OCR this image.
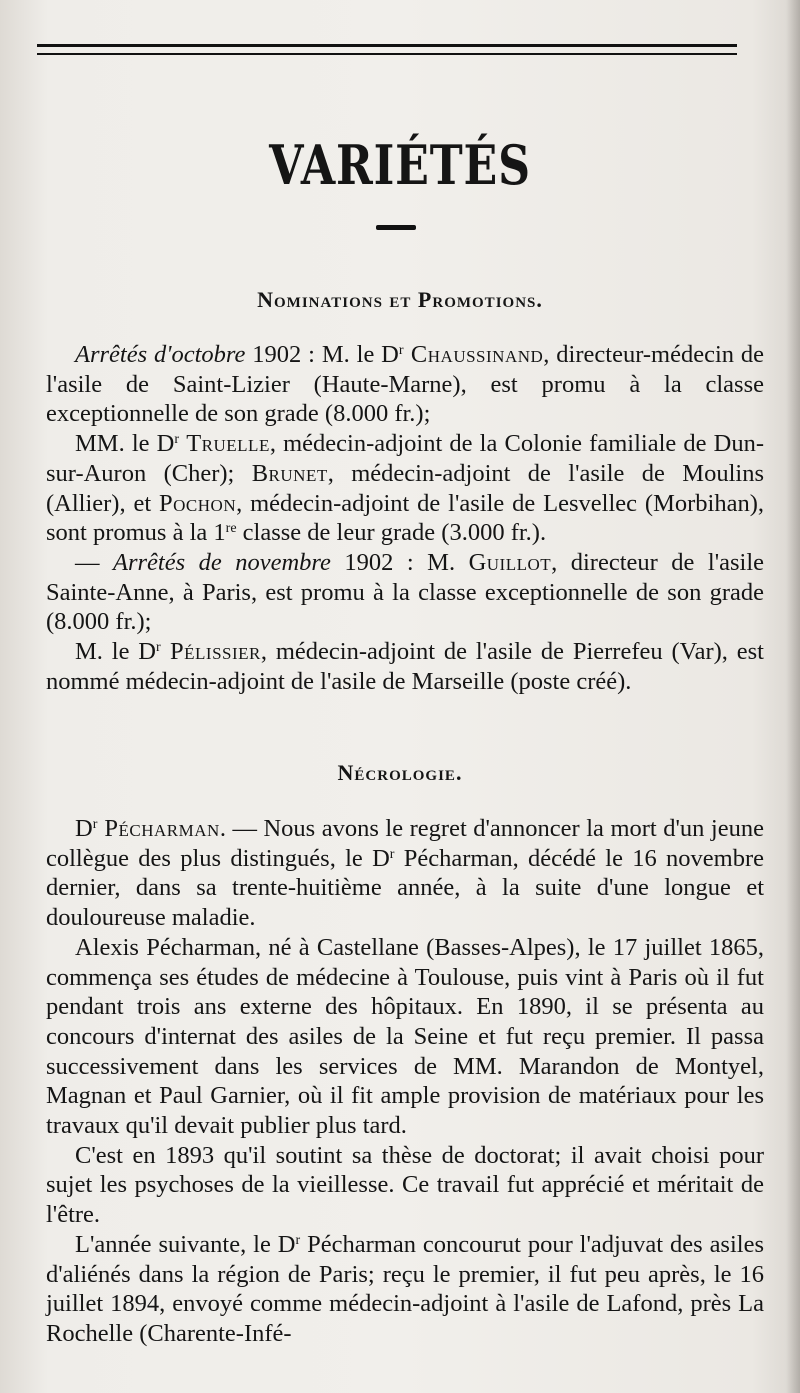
VARIÉTÉS
Nominations et Promotions.

Arrêtés d'octobre 1902 : M. le $D^r$ Chaussinand, directeur-médecin de l'asile de Saint-Lizier (Haute-Marne), est promu à la classe exceptionnelle de son grade (8.000 fr.);

MM. le $D^r$ Truelle, médecin-adjoint de la Colonie familiale de Dun-sur-Auron (Cher); Brunet, médecin-adjoint de l'asile de Moulins (Allier), et Pochon, médecin-adjoint de l'asile de Lesvellec (Morbihan), sont promus à la 1re classe de leur grade (3.000 fr.).

— Arrêtés de novembre 1902 : M. Guillot, directeur de l'asile Sainte-Anne, à Paris, est promu à la classe exceptionnelle de son grade (8.000 fr.);

M. le $D^r$ Pélissier, médecin-adjoint de l'asile de Pierrefeu (Var), est nommé médecin-adjoint de l'asile de Marseille (poste créé).

Nécrologie.

$D^r$ Pécharman. — Nous avons le regret d'annoncer la mort d'un jeune collègue des plus distingués, le $D^r$ Pécharman, décédé le 16 novembre dernier, dans sa trente-huitième année, à la suite d'une longue et douloureuse maladie.

Alexis Pécharman, né à Castellane (Basses-Alpes), le 17 juillet 1865, commença ses études de médecine à Toulouse, puis vint à Paris où il fut pendant trois ans externe des hôpitaux. En 1890, il se présenta au concours d'internat des asiles de la Seine et fut reçu premier. Il passa successivement dans les services de MM. Marandon de Montyel, Magnan et Paul Garnier, où il fit ample provision de matériaux pour les travaux qu'il devait publier plus tard.

C'est en 1893 qu'il soutint sa thèse de doctorat; il avait choisi pour sujet les psychoses de la vieillesse. Ce travail fut apprécié et méritait de l'être.

L'année suivante, le $D^r$ Pécharman concourut pour l'adjuvat des asiles d'aliénés dans la région de Paris; reçu le premier, il fut peu après, le 16 juillet 1894, envoyé comme médecin-adjoint à l'asile de Lafond, près La Rochelle (Charente-Infé-
